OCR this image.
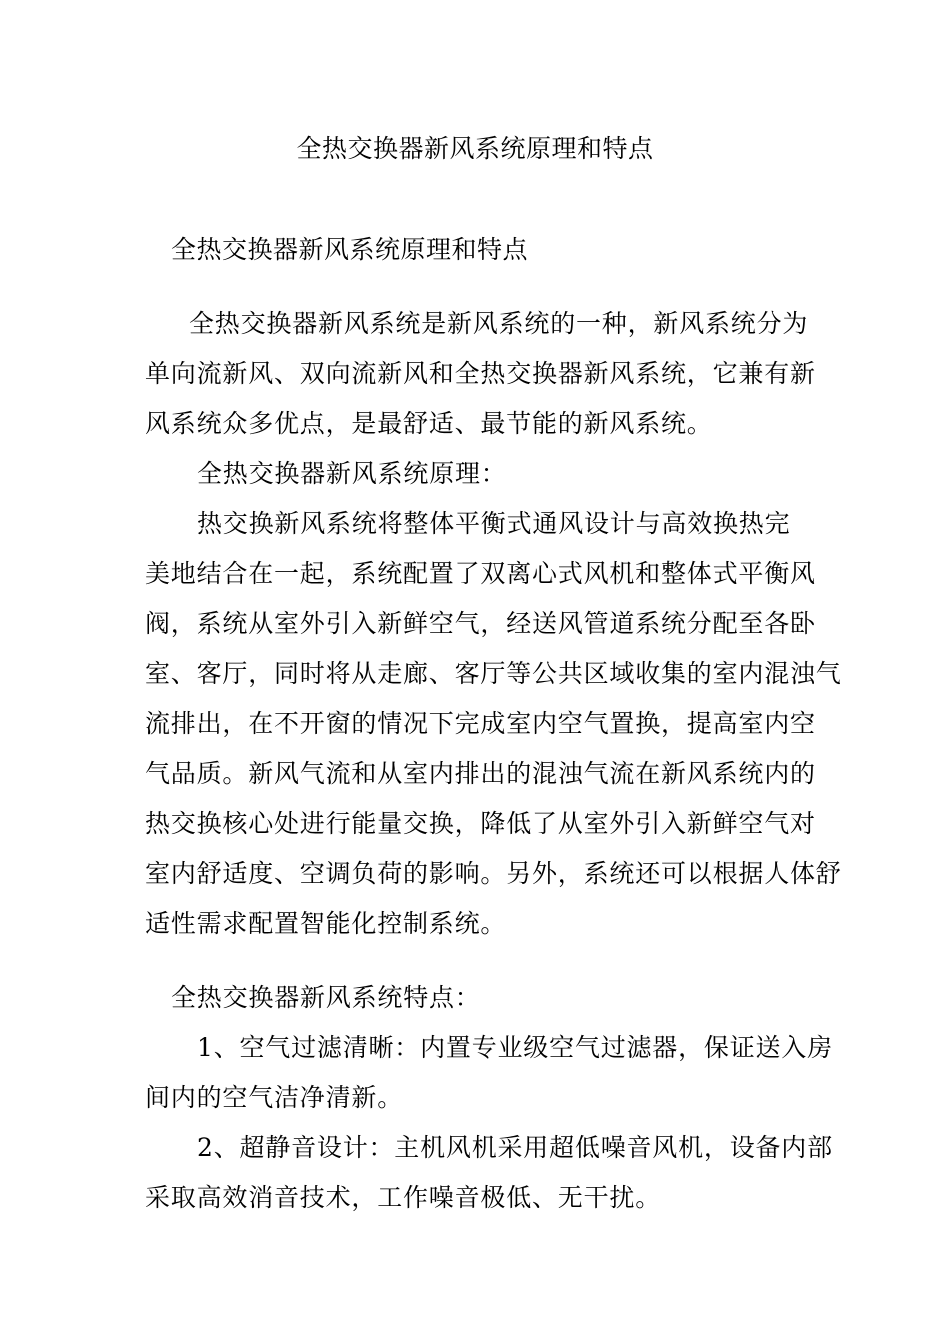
全热交换器新风系统原理和特点
全热交换器新风系统原理和特点
全热交换器新风系统是新风系统的一种，新风系统分为
单向流新风、双向流新风和全热交换器新风系统，它兼有新
风系统众多优点，是最舒适、最节能的新风系统。
全热交换器新风系统原理：
热交换新风系统将整体平衡式通风设计与高效换热完
美地结合在一起，系统配置了双离心式风机和整体式平衡风
阀，系统从室外引入新鲜空气，经送风管道系统分配至各卧
室、客厅，同时将从走廊、客厅等公共区域收集的室内混浊气
流排出，在不开窗的情况下完成室内空气置换，提高室内空
气品质。新风气流和从室内排出的混浊气流在新风系统内的
热交换核心处进行能量交换，降低了从室外引入新鲜空气对
室内舒适度、空调负荷的影响。另外，系统还可以根据人体舒
适性需求配置智能化控制系统。
全热交换器新风系统特点：
1、空气过滤清晰：内置专业级空气过滤器，保证送入房
间内的空气洁净清新。
2、超静音设计：主机风机采用超低噪音风机，设备内部
采取高效消音技术，工作噪音极低、无干扰。
